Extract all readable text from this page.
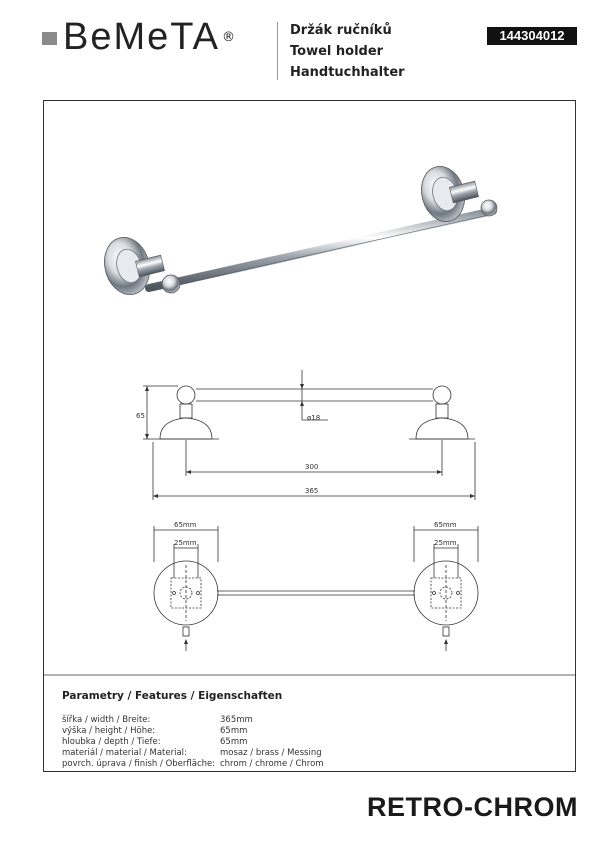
BeMeTA ®	Držák ručníků
Towel holder
Handtuchhalter
144304012
65	ø18
300
365
65mm
25mm
65mm
25mm
Parametry / Features / Eigenschaften
šířka / width / Breite:	365mm
výška / height / Höhe:	65mm
hloubka / depth / Tiefe:	65mm
materiál / material / Material:	mosaz / brass / Messing
povrch. úprava / finish / Oberfläche: chrom / chrome / Chrom
RETRO-CHROM
